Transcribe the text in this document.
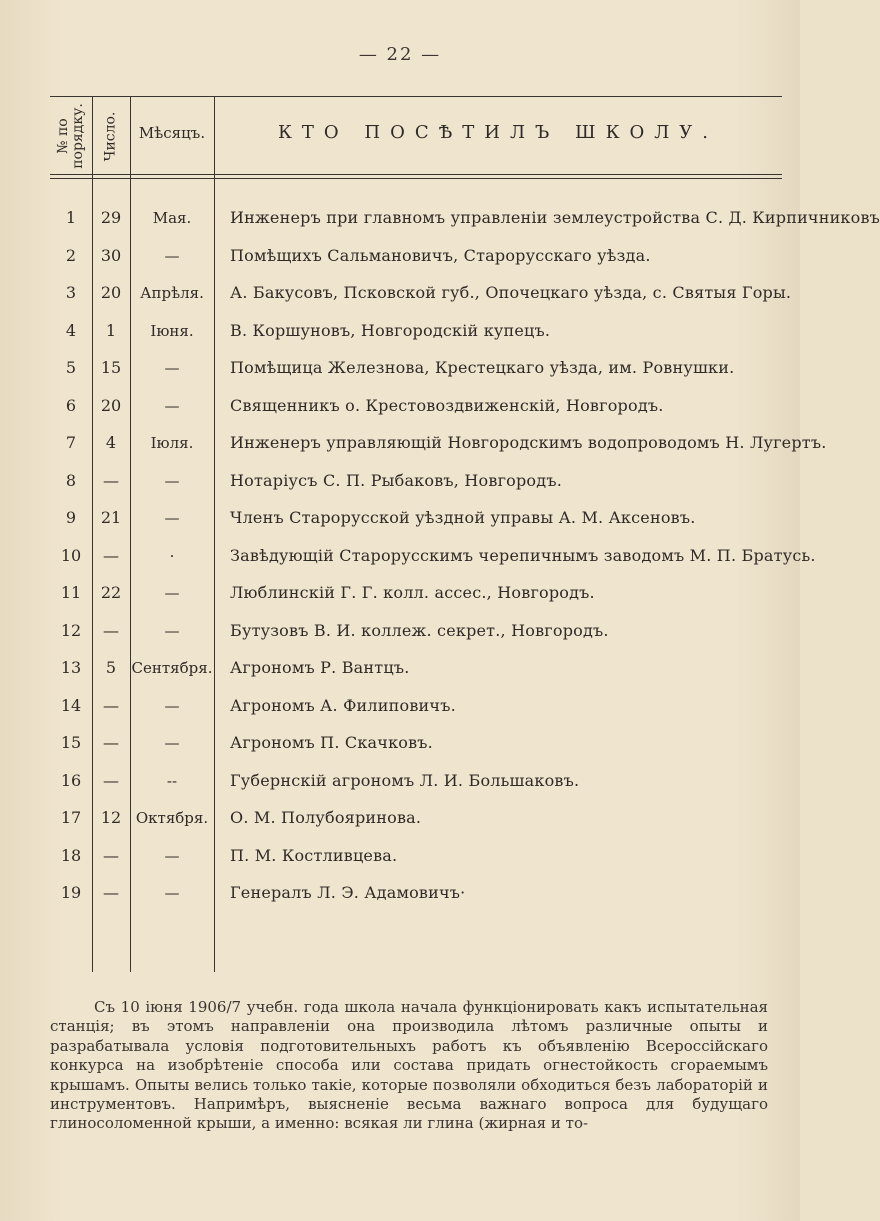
— 22 —
№ по порядку. Число.	Мѣсяцъ.	КТО ПОСѢТИЛЪ ШКОЛУ.
1	29	Мая.	Инженеръ при главномъ управленіи землеустройства С. Д. Кирпичниковъ
2	30	—	Помѣщихъ Сальмановичъ, Старорусскаго уѣзда.
3	20	Апрѣля.	А. Бакусовъ, Псковской губ., Опочецкаго уѣзда, с. Святыя Горы.
4	1	Іюня.	В. Коршуновъ, Новгородскій купецъ.
5	15	—	Помѣщица Железнова, Крестецкаго уѣзда, им. Ровнушки.
6	20	—	Священникъ о. Крестовоздвиженскій, Новгородъ.
7	4	Іюля.	Инженеръ управляющій Новгородскимъ водопроводомъ Н. Лугертъ.
8	—	—	Нотаріусъ С. П. Рыбаковъ, Новгородъ.
9	21	—	Членъ Старорусской уѣздной управы А. М. Аксеновъ.
10	—	·	Завѣдующій Старорусскимъ черепичнымъ заводомъ М. П. Братусь.
11	22	—	Люблинскій Г. Г. колл. ассес., Новгородъ.
12	—	—	Бутузовъ В. И. коллеж. секрет., Новгородъ.
13	5	Сентября. Агрономъ Р. Вантцъ.
14	—	—	Агрономъ А. Филиповичъ.
15	—	—	Агрономъ П. Скачковъ.
16	—	--	Губернскій агрономъ Л. И. Большаковъ.
17	12 Октября.	О. М. Полубояринова.
18	—	—	П. М. Костливцева.
19	—	—	Генералъ Л. Э. Адамовичъ·

Съ 10 іюня 1906/7 учебн. года школа начала функціонировать какъ испытательная станція; въ этомъ направленіи она производила лѣтомъ различные опыты и разрабатывала условія подготовительныхъ работъ къ объявленію Всероссійскаго конкурса на изобрѣтеніе способа или состава придать огнестойкость сгораемымъ крышамъ. Опыты велись только такіе, которые позволяли обходиться безъ лабораторій и инструментовъ. Напримѣръ, выясненіе весьма важнаго вопроса для будущаго глиносоломенной крыши, а именно: всякая ли глина (жирная и то-
